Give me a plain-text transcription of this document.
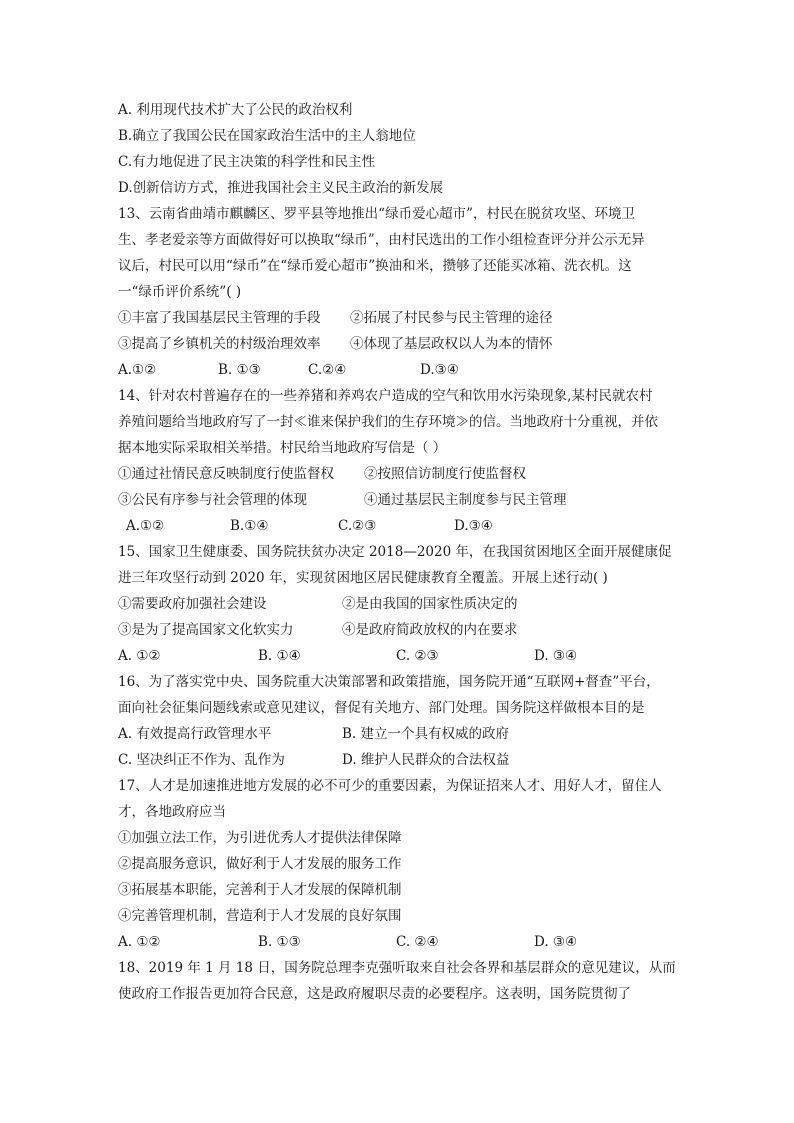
A. 利用现代技术扩大了公民的政治权利
B.确立了我国公民在国家政治生活中的主人翁地位
C.有力地促进了民主决策的科学性和民主性
D.创新信访方式，推进我国社会主义民主政治的新发展
13、云南省曲靖市麒麟区、罗平县等地推出“绿币爱心超市”，村民在脱贫攻坚、环境卫
生、孝老爱亲等方面做得好可以换取“绿币”，由村民选出的工作小组检查评分并公示无异
议后，村民可以用“绿币”在“绿币爱心超市”换油和米，攒够了还能买冰箱、洗衣机。这
一“绿币评价系统”( )
①丰富了我国基层民主管理的手段 ②拓展了村民参与民主管理的途径
③提高了乡镇机关的村级治理效率 ④体现了基层政权以人为本的情怀
A.①②	B. ①③	C.②④	D.③④
14、针对农村普遍存在的一些养猪和养鸡农户造成的空气和饮用水污染现象,某村民就农村
养殖问题给当地政府写了一封≪谁来保护我们的生存环境≫的信。当地政府十分重视，并依
据本地实际采取相关举措。村民给当地政府写信是（ ）
①通过社情民意反映制度行使监督权 ②按照信访制度行使监督权
③公民有序参与社会管理的体现	④通过基层民主制度参与民主管理
A.①②	B.①④	C.②③	D.③④
15、国家卫生健康委、国务院扶贫办决定 2018—2020 年，在我国贫困地区全面开展健康促
进三年攻坚行动到 2020 年，实现贫困地区居民健康教育全覆盖。开展上述行动( )
①需要政府加强社会建设	②是由我国的国家性质决定的
③是为了提高国家文化软实力	④是政府简政放权的内在要求
A. ①②	B. ①④	C. ②③	D. ③④
16、为了落实党中央、国务院重大决策部署和政策措施，国务院开通“互联网+督查”平台，
面向社会征集问题线索或意见建议，督促有关地方、部门处理。国务院这样做根本目的是
A. 有效提高行政管理水平	B. 建立一个具有权威的政府
C. 坚决纠正不作为、乱作为	D. 维护人民群众的合法权益
17、人才是加速推进地方发展的必不可少的重要因素，为保证招来人才、用好人才，留住人
才，各地政府应当
①加强立法工作，为引进优秀人才提供法律保障
②提高服务意识，做好利于人才发展的服务工作
③拓展基本职能，完善利于人才发展的保障机制
④完善管理机制，营造利于人才发展的良好氛围
A. ①②	B. ①③	C. ②④	D. ③④
18、2019 年 1 月 18 日，国务院总理李克强听取来自社会各界和基层群众的意见建议，从而
使政府工作报告更加符合民意，这是政府履职尽责的必要程序。这表明，国务院贯彻了
